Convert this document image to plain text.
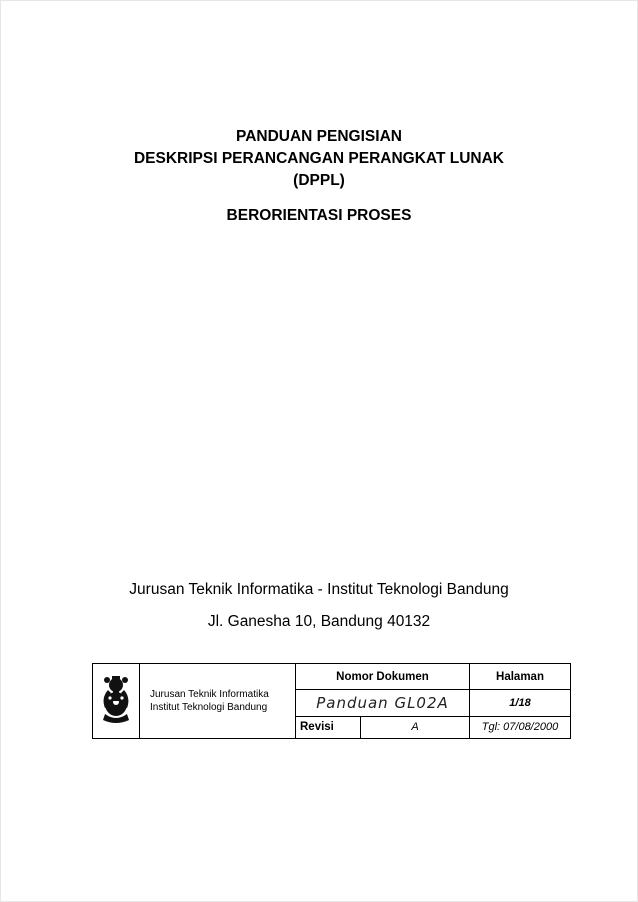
PANDUAN PENGISIAN
DESKRIPSI PERANCANGAN PERANGKAT LUNAK
(DPPL)
BERORIENTASI PROSES
Jurusan Teknik Informatika - Institut Teknologi Bandung
Jl. Ganesha 10, Bandung 40132

Jurusan Teknik Informatika
Institut Teknologi Bandung	Nomor Dokumen		Halaman
		Panduan GL02A		1/18
		Revisi	A	Tgl: 07/08/2000
